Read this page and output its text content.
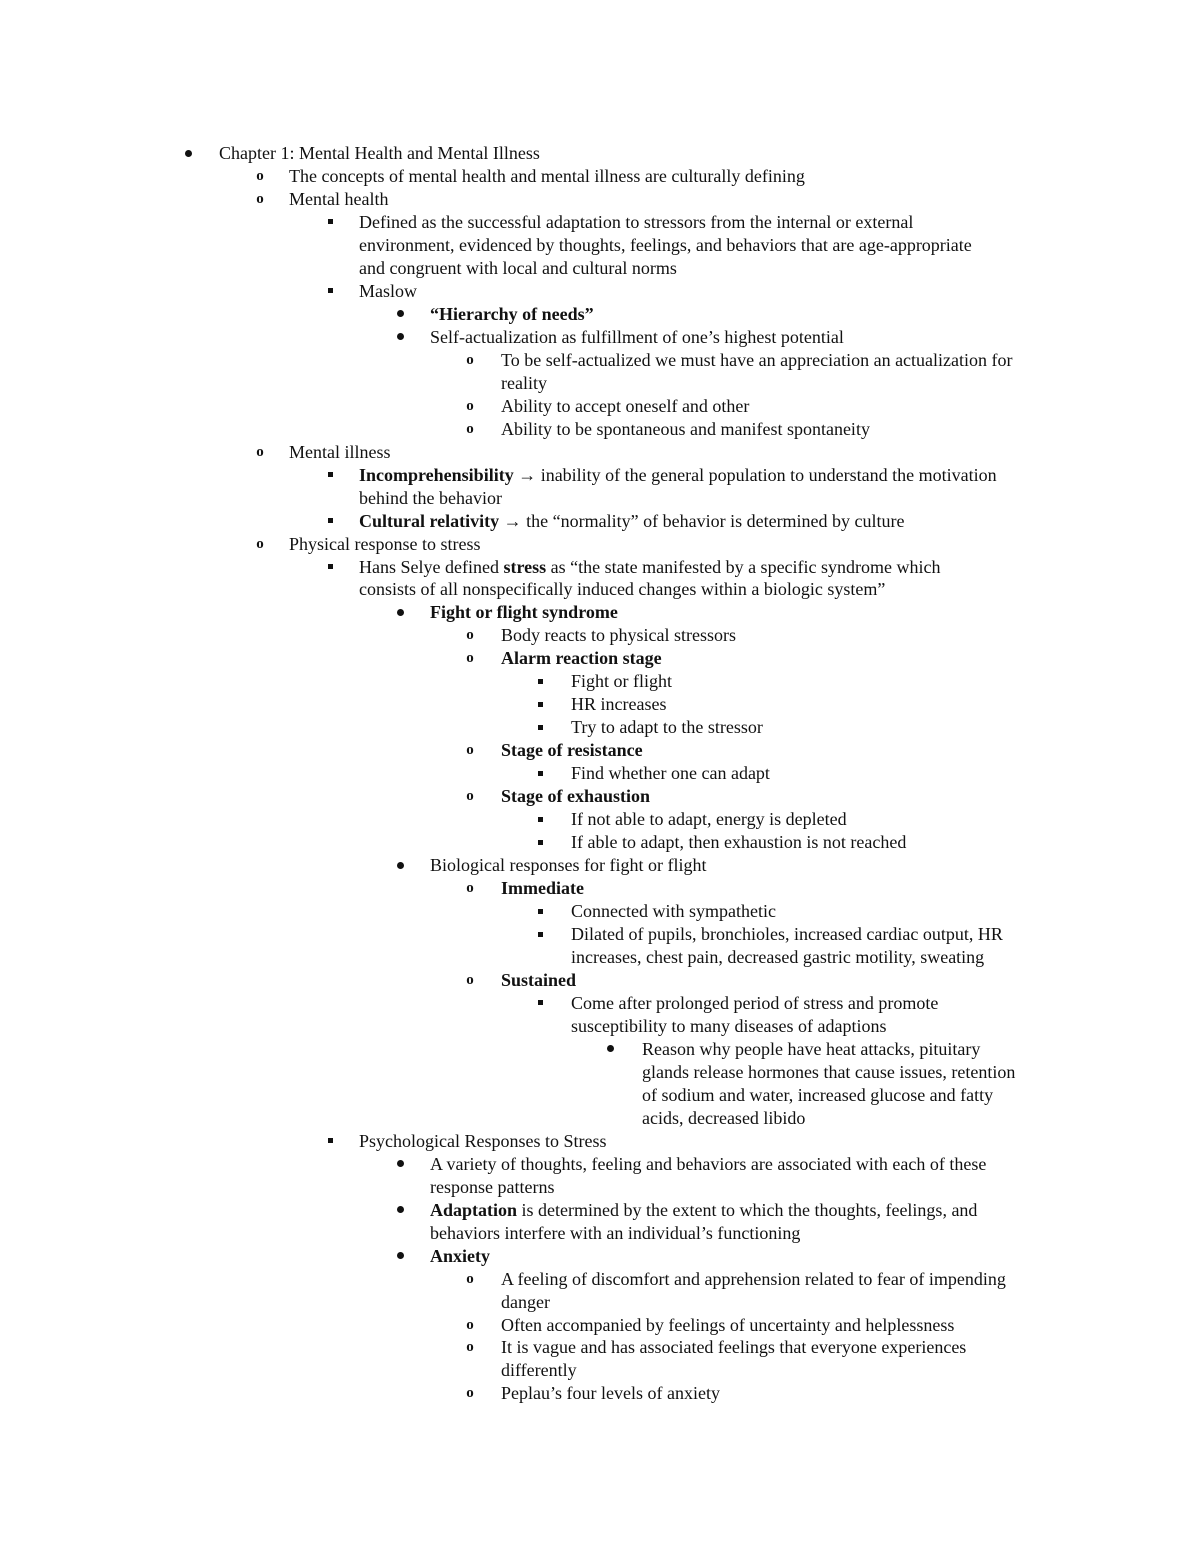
Chapter 1: Mental Health and Mental Illness
o The concepts of mental health and mental illness are culturally defining
o Mental health
Defined as the successful adaptation to stressors from the internal or external
environment, evidenced by thoughts, feelings, and behaviors that are age-appropriate
and congruent with local and cultural norms
Maslow
“Hierarchy of needs”
Self-actualization as fulfillment of one’s highest potential
o To be self-actualized we must have an appreciation an actualization for
reality
o Ability to accept oneself and other
o Ability to be spontaneous and manifest spontaneity
o Mental illness
Incomprehensibility → inability of the general population to understand the motivation
behind the behavior
Cultural relativity → the “normality” of behavior is determined by culture
o Physical response to stress
Hans Selye defined stress as “the state manifested by a specific syndrome which
consists of all nonspecifically induced changes within a biologic system”
Fight or flight syndrome
o Body reacts to physical stressors
o Alarm reaction stage
Fight or flight
HR increases
Try to adapt to the stressor
o Stage of resistance
Find whether one can adapt
o Stage of exhaustion
If not able to adapt, energy is depleted
If able to adapt, then exhaustion is not reached
Biological responses for fight or flight
o Immediate
Connected with sympathetic
Dilated of pupils, bronchioles, increased cardiac output, HR
increases, chest pain, decreased gastric motility, sweating
o Sustained
Come after prolonged period of stress and promote
susceptibility to many diseases of adaptions
Reason why people have heat attacks, pituitary
glands release hormones that cause issues, retention
of sodium and water, increased glucose and fatty
acids, decreased libido
Psychological Responses to Stress
A variety of thoughts, feeling and behaviors are associated with each of these
response patterns
Adaptation is determined by the extent to which the thoughts, feelings, and
behaviors interfere with an individual’s functioning
Anxiety
o A feeling of discomfort and apprehension related to fear of impending
danger
o Often accompanied by feelings of uncertainty and helplessness
o It is vague and has associated feelings that everyone experiences
differently
o Peplau’s four levels of anxiety
